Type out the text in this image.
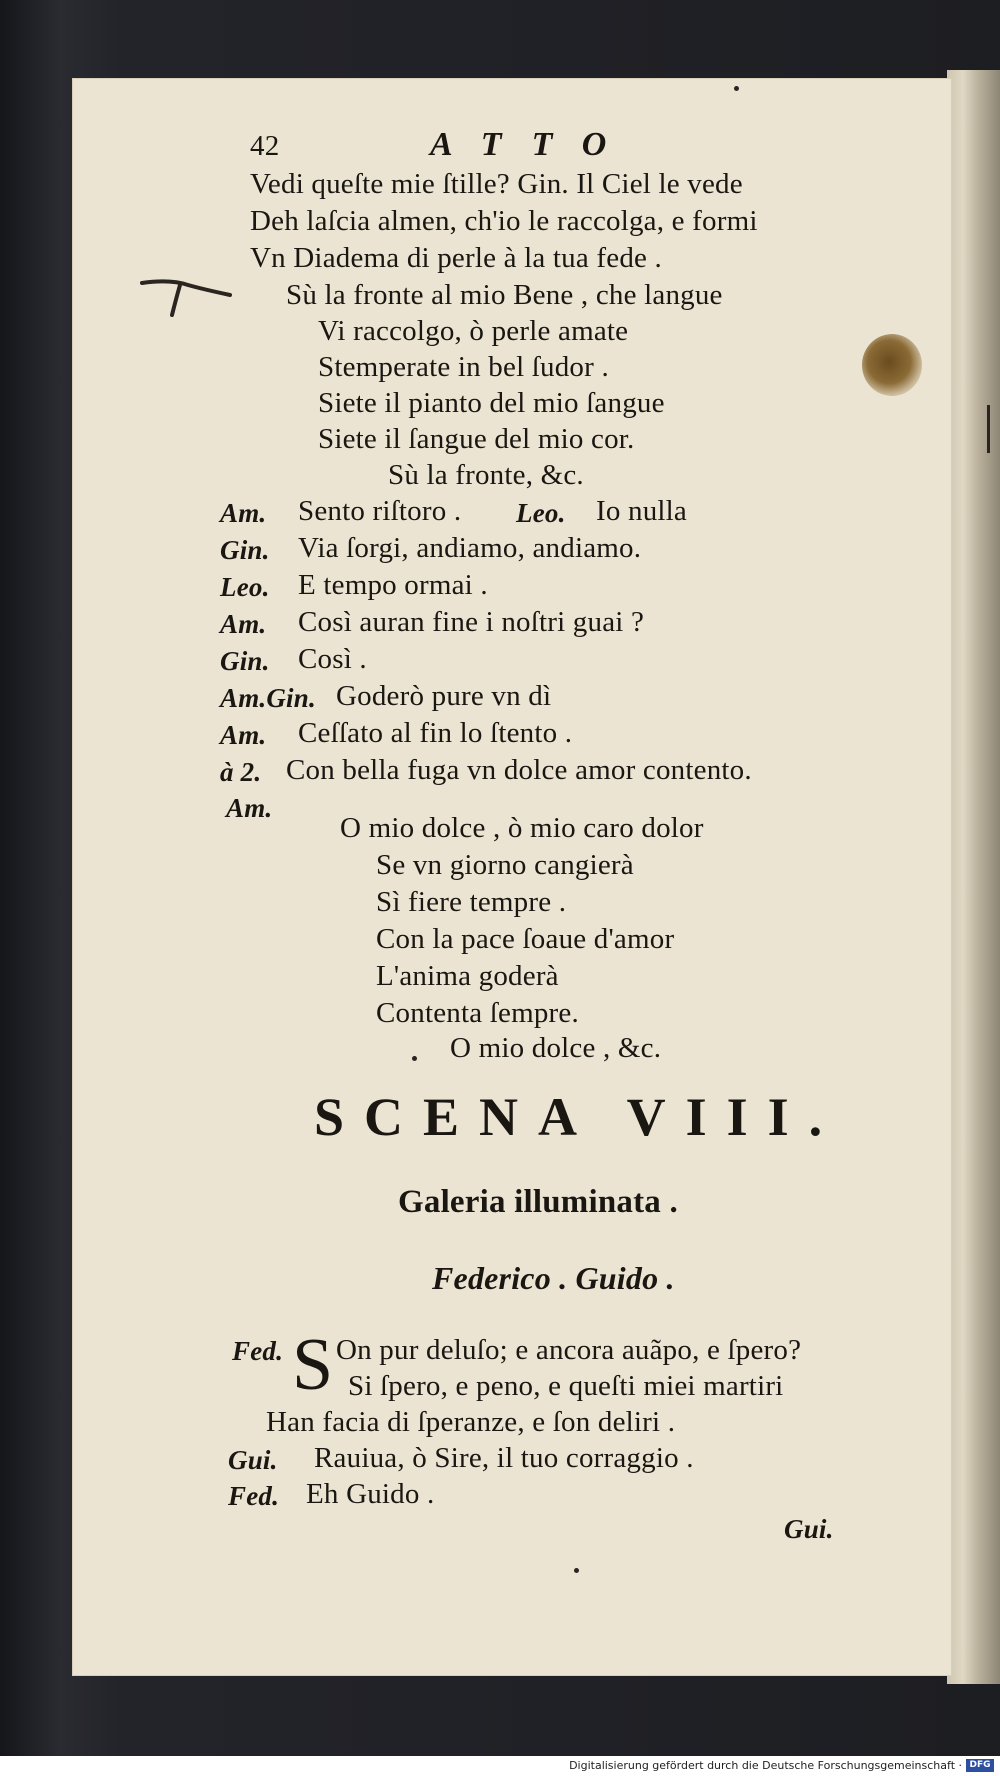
42	ATTO
Vedi queſte mie ſtille? Gin. Il Ciel le vede
Deh laſcia almen, ch'io le raccolga, e formi
Vn Diadema di perle à la tua fede .
Sù la fronte al mio Bene , che langue
Vi raccolgo, ò perle amate
Stemperate in bel ſudor .
Siete il pianto del mio ſangue
Siete il ſangue del mio cor.
Sù la fronte, &c.
Am. Sento riſtoro . Leo. Io nulla
Gin. Via ſorgi, andiamo, andiamo.
Leo. E tempo ormai .
Am. Così auran fine i noſtri guai ?
Gin. Così .
Am.Gin. Goderò pure vn dì
Am. Ceſſato al fin lo ſtento .
à 2. Con bella fuga vn dolce amor contento.
Am.
O mio dolce , ò mio caro dolor
Se vn giorno cangierà
Sì fiere tempre .
Con la pace ſoaue d'amor
L'anima goderà
Contenta ſempre.
O mio dolce , &c.
SCENA VIII.
Galeria illuminata .
Federico . Guido .
Fed. S On pur deluſo; e ancora auãpo, e ſpero?
Si ſpero, e peno, e queſti miei martiri
Han facia di ſperanze, e ſon deliri .
Gui. Rauiua, ò Sire, il tuo corraggio .
Fed. Eh Guido .
Gui.
Digitalisierung gefördert durch die Deutsche Forschungsgemeinschaft · DFG
